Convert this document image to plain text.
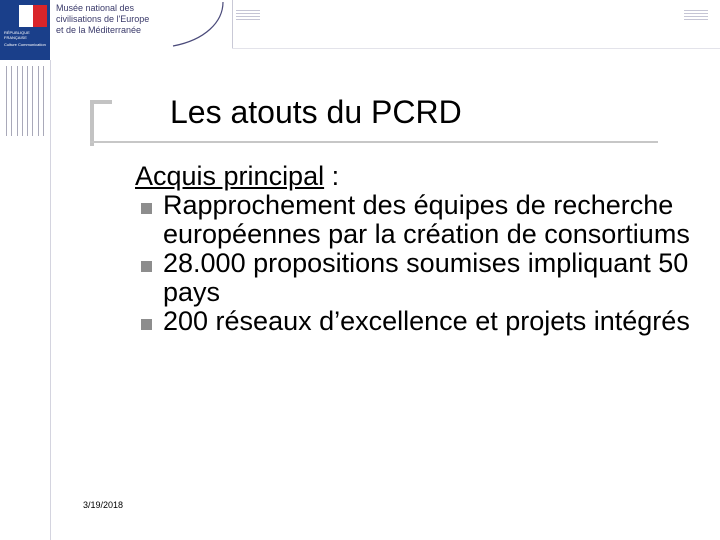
RÉPUBLIQUE FRANÇAISE
Culture Communication
Musée national des
civilisations de l'Europe
et de la Méditerranée
Les atouts du PCRD

Acquis principal :

Rapprochement des équipes de recherche européennes par la création de consortiums

28.000 propositions soumises impliquant 50 pays

200 réseaux d’excellence et projets intégrés

3/19/2018
